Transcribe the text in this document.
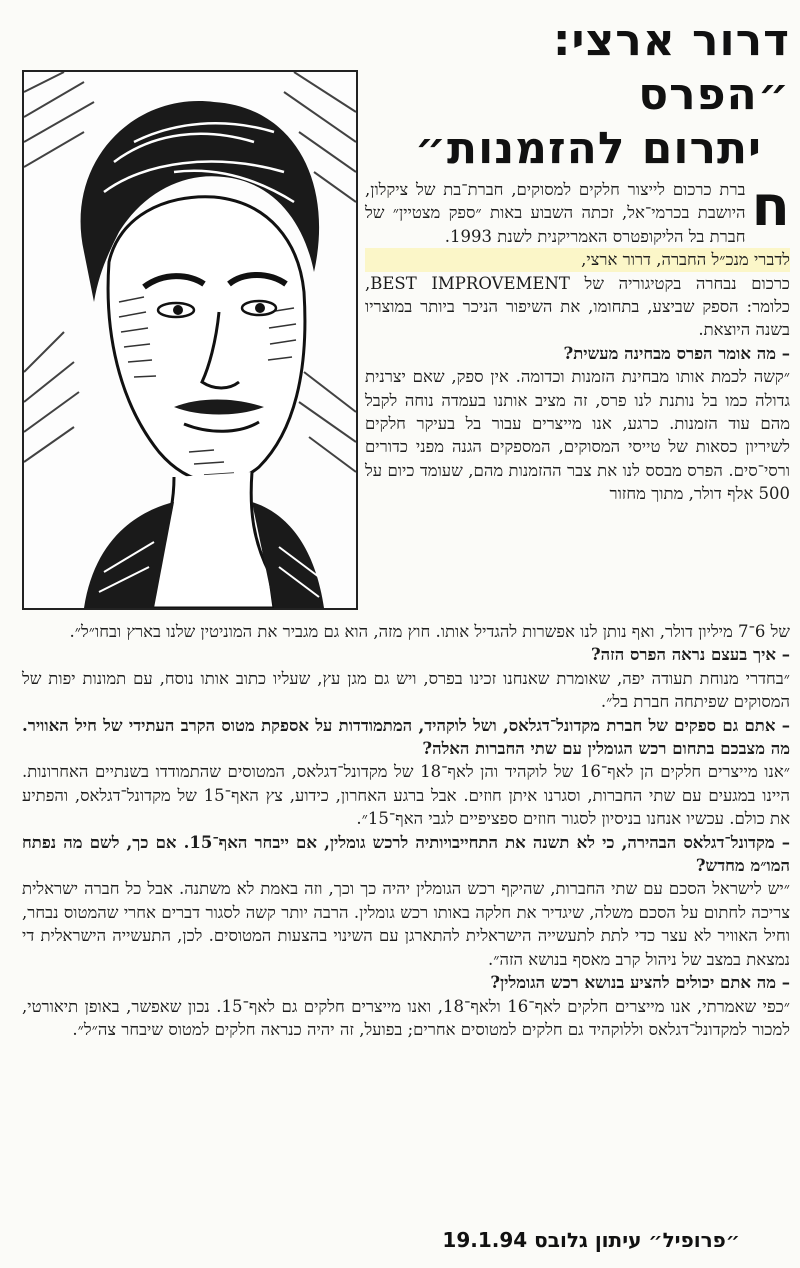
דרור ארצי: ״הפרס
יתרום להזמנות״
ח

ברת כרכום לייצור חלקים למסוקים, חברת־בת של ציקלון, היושבת בכרמי־אל, זכתה השבוע באות ״ספק מצטיין״ של חברת בל הליקופטרס האמריקנית לשנת 1993.

לדברי מנכ״ל החברה, דרור ארצי,

כרכום נבחרה בקטיגוריה של BEST IMPROVEMENT, כלומר: הספק שביצע, בתחומו, את השיפור הניכר ביותר במוצריו בשנה היוצאת.

– מה אומר הפרס מבחינה מעשית?

״קשה לכמת אותו מבחינת הזמנות וכדומה. אין ספק, שאם יצרנית גדולה כמו בל נותנת לנו פרס, זה מציב אותנו בעמדה נוחה לקבל מהם עוד הזמנות. כרגע, אנו מייצרים עבור בל בעיקר חלקים לשיריון כסאות של טייסי המסוקים, המספקים הגנה מפני כדורים ורסי־סים. הפרס מבסס לנו את צבר ההזמנות מהם, שעומד כיום על 500 אלף דולר, מתוך מחזור

של 6־7 מיליון דולר, ואף נותן לנו אפשרות להגדיל אותו. חוץ מזה, הוא גם מגביר את המוניטין שלנו בארץ ובחו״ל״.

– איך בעצם נראה הפרס הזה?

״בחדרי מנוחת תעודה יפה, שאומרת שאנחנו זכינו בפרס, ויש גם מגן עץ, שעליו כתוב אותו נוסח, עם תמונות יפות של המסוקים שפיתחה חברת בל״.

– אתם גם ספקים של חברת מקדונל־דגלאס, ושל לוקהיד, המתמודדות על אספקת מטוס הקרב העתידי של חיל האוויר. מה מצבכם בתחום רכש הגומלין עם שתי החברות האלה?

״אנו מייצרים חלקים הן לאף־16 של לוקהיד והן לאף־18 של מקדונל־דגלאס, המטוסים שהתמודדו בשנתיים האחרונות. היינו במגעים עם שתי החברות, וסגרנו איתן חוזים. אבל ברגע האחרון, כידוע, צץ האף־15 של מקדונל־דגלאס, והפתיע את כולם. עכשיו אנחנו בניסיון לסגור חוזים ספציפיים לגבי האף־15״.

– מקדונל־דגלאס הבהירה, כי לא תשנה את התחייבויותיה לרכש גומלין, אם ייבחר האף־15. אם כך, לשם מה נפתח המו״מ מחדש?

״יש לישראל הסכם עם שתי החברות, שהיקף רכש הגומלין יהיה כך וכך, וזה באמת לא משתנה. אבל כל חברה ישראלית צריכה לחתום על הסכם משלה, שיגדיר את חלקה באותו רכש גומלין. הרבה יותר קשה לסגור דברים אחרי שהמטוס נבחר, וחיל האוויר לא עצר כדי לתת לתעשייה הישראלית להתארגן עם השינוי בהצעות המטוסים. לכן, התעשייה הישראלית די נמצאת במצב של ניהול קרב מאסף בנושא הזה״.

– מה אתם יכולים להציע בנושא רכש הגומלין?

״כפי שאמרתי, אנו מייצרים חלקים לאף־16 ולאף־18, ואנו מייצרים חלקים גם לאף־15. נכון שאפשר, באופן תיאורטי, למכור למקדונל־דגלאס וללוקהיד גם חלקים למטוסים אחרים; בפועל, זה יהיה כנראה חלקים למטוס שיבחר צה״ל״.

״פרופיל״ עיתון גלובס 19.1.94
